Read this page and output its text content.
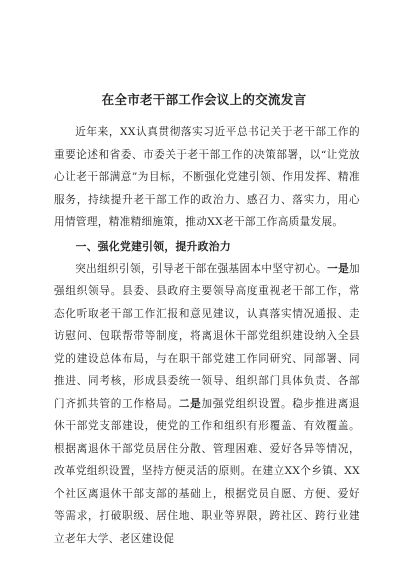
在全市老干部工作会议上的交流发言

近年来，XX认真贯彻落实习近平总书记关于老干部工作的重要论述和省委、市委关于老干部工作的决策部署，以“让党放心让老干部满意”为目标，不断强化党建引领、作用发挥、精准服务，持续提升老干部工作的政治力、感召力、落实力，用心用情管理，精准精细施策，推动XX老干部工作高质量发展。

一、强化党建引领，提升政治力

突出组织引领，引导老干部在强基固本中坚守初心。一是加强组织领导。县委、县政府主要领导高度重视老干部工作，常态化听取老干部工作汇报和意见建议，认真落实情况通报、走访慰问、包联帮带等制度，将离退休干部党组织建设纳入全县党的建设总体布局，与在职干部党建工作同研究、同部署、同推进、同考核，形成县委统一领导、组织部门具体负责、各部门齐抓共管的工作格局。二是加强党组织设置。稳步推进离退休干部党支部建设，使党的工作和组织有形覆盖、有效覆盖。根据离退休干部党员居住分散、管理困难、爱好各异等情况，改革党组织设置，坚持方便灵活的原则。在建立XX个乡镇、XX个社区离退休干部支部的基础上，根据党员自愿、方便、爱好等需求，打破职级、居住地、职业等界限，跨社区、跨行业建立老年大学、老区建设促
